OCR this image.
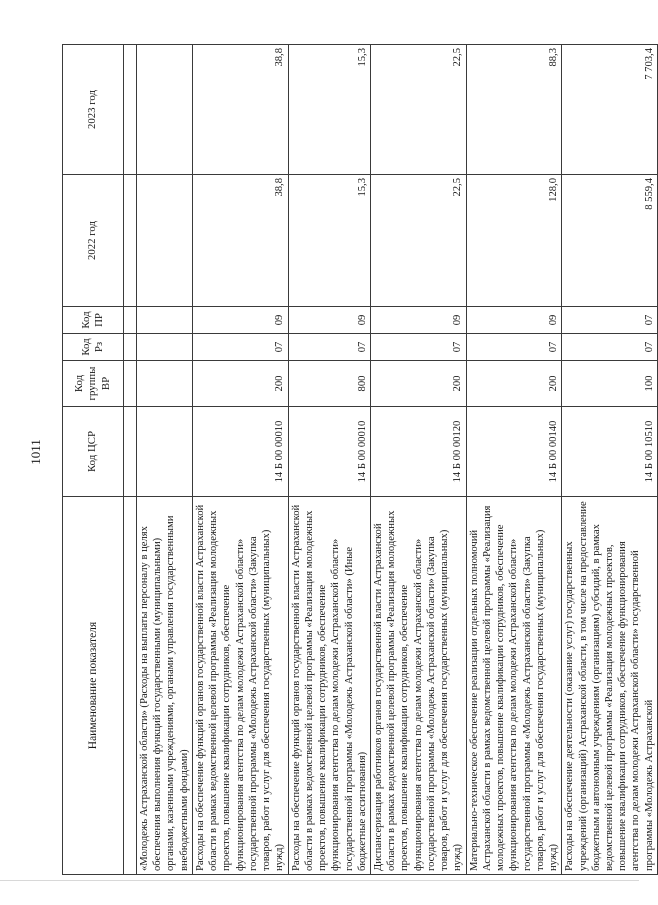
1011
Наименование показателя	Код ЦСР	Код группы ВР	Код Рз	Код ПР	2022 год	2023 год

«Молодежь Астраханской области» (Расходы на выплаты персоналу в целях обеспечения выполнения функций государственными (муниципальными) органами, казенными учреждениями, органами управления государственными внебюджетными фондами)						
Расходы на обеспечение функций органов государственной власти Астраханской области в рамках ведомственной целевой программы «Реализация молодежных проектов, повышение квалификации сотрудников, обеспечение функционирования агентства по делам молодежи Астраханской области» государственной программы «Молодежь Астраханской области» (Закупка товаров, работ и услуг для обеспечения государственных (муниципальных) нужд)	14 Б 00 00010	200	07	09	38,8	38,8
Расходы на обеспечение функций органов государственной власти Астраханской области в рамках ведомственной целевой программы «Реализация молодежных проектов, повышение квалификации сотрудников, обеспечение функционирования агентства по делам молодежи Астраханской области» государственной программы «Молодежь Астраханской области» (Иные бюджетные ассигнования)	14 Б 00 00010	800	07	09	15,3	15,3
Диспансеризация работников органов государственной власти Астраханской области в рамках ведомственной целевой программы «Реализация молодежных проектов, повышение квалификации сотрудников, обеспечение функционирования агентства по делам молодежи Астраханской области» государственной программы «Молодежь Астраханской области» (Закупка товаров, работ и услуг для обеспечения государственных (муниципальных) нужд)	14 Б 00 00120	200	07	09	22,5	22,5
Материально-техническое обеспечение реализации отдельных полномочий Астраханской области в рамках ведомственной целевой программы «Реализация молодежных проектов, повышение квалификации сотрудников, обеспечение функционирования агентства по делам молодежи Астраханской области» государственной программы «Молодежь Астраханской области» (Закупка товаров, работ и услуг для обеспечения государственных (муниципальных) нужд)	14 Б 00 00140	200	07	09	128,0	88,3
Расходы на обеспечение деятельности (оказание услуг) государственных учреждений (организаций) Астраханской области, в том числе на предоставление бюджетным и автономным учреждениям (организациям) субсидий, в рамках ведомственной целевой программы «Реализация молодежных проектов, повышение квалификации сотрудников, обеспечение функционирования агентства по делам молодежи Астраханской области» государственной программы «Молодежь Астраханской	14 Б 00 10510	100	07	07	8 559,4	7 703,4
